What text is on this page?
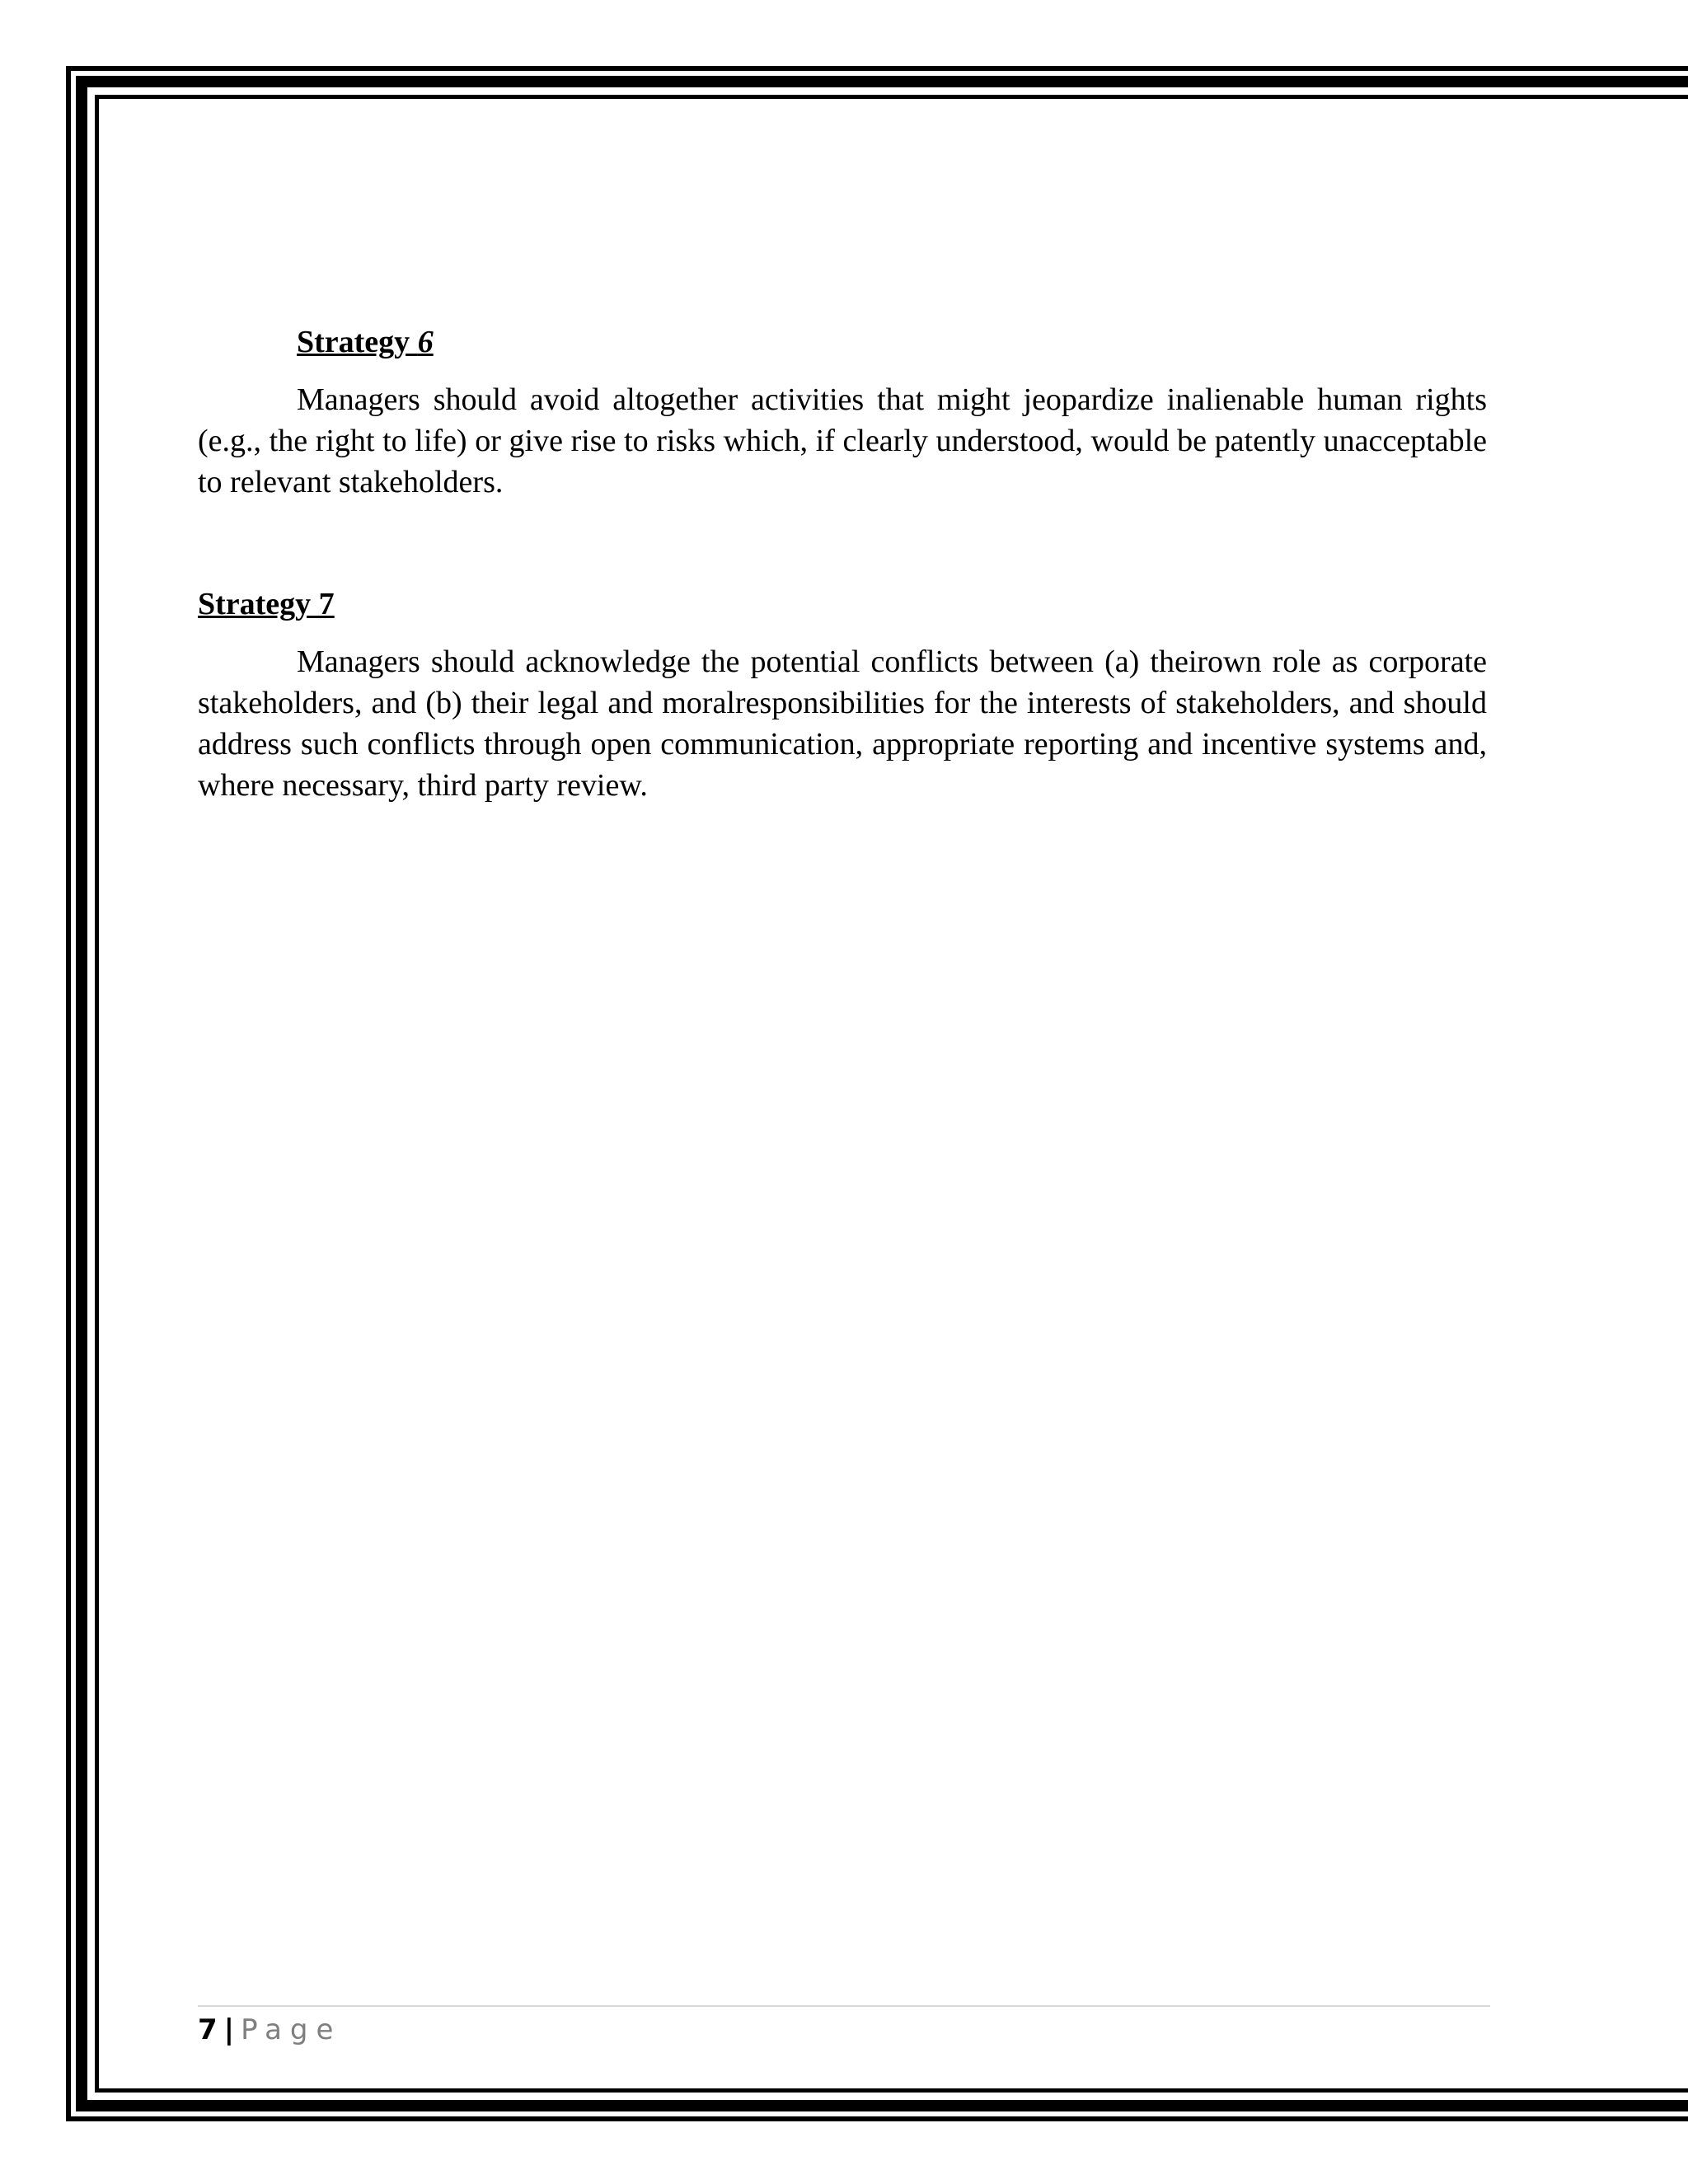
Strategy 6

Managers should avoid altogether activities that might jeopardize inalienable human rights (e.g., the right to life) or give rise to risks which, if clearly understood, would be patently unacceptable to relevant stakeholders.

Strategy 7

Managers should acknowledge the potential conflicts between (a) theirown role as corporate stakeholders, and (b) their legal and moralresponsibilities for the interests of stakeholders, and should address such conflicts through open communication, appropriate reporting and incentive systems and, where necessary, third party review.

7 | Page
